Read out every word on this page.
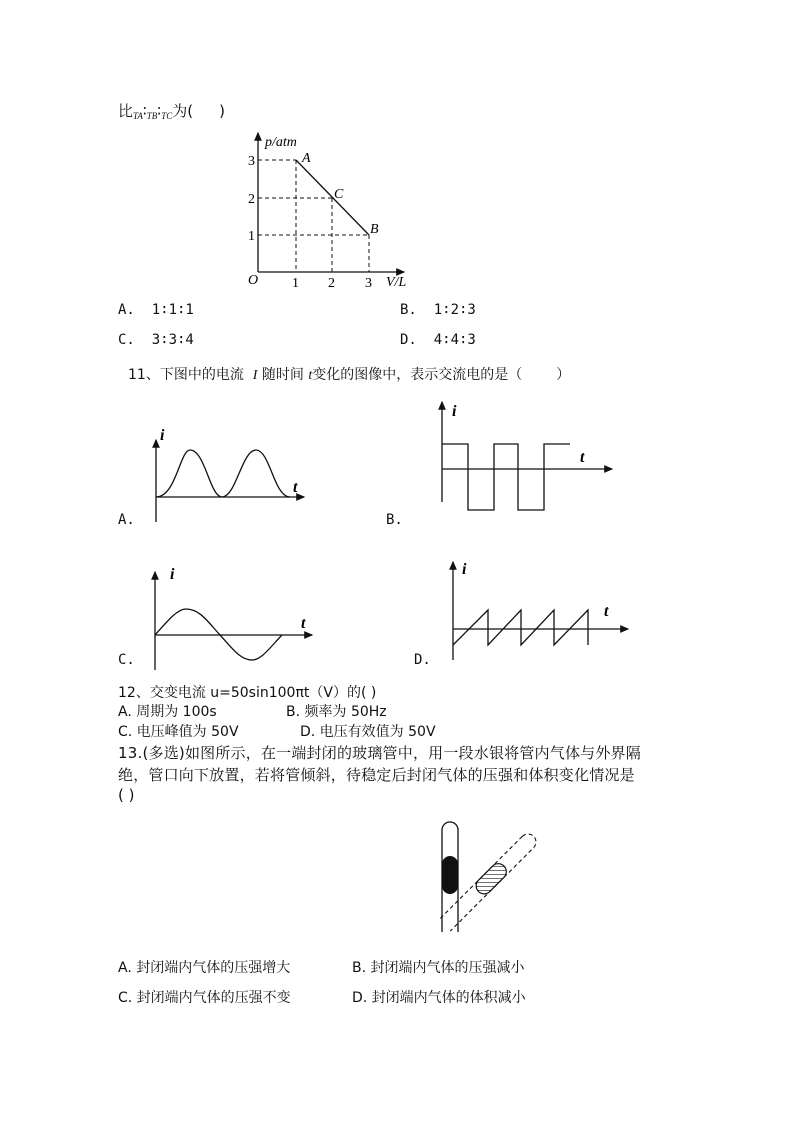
比$_{TA}∶_{TB}∶_{TC}$为( )
p/atm
V/L
O
3
2
1
1 2 3
A
C
B
A. 1∶1∶1	B. 1∶2∶3
C. 3∶3∶4	D. 4∶4∶3
11、下图中的电流 I 随时间 t变化的图像中，表示交流电的是（ ）
i
t
i
t
A.	B.
i
t
i
t
C.	D.
12、交变电流 u=50sin100πt（V）的( )
A. 周期为 100s	B. 频率为 50Hz
C. 电压峰值为 50V	D. 电压有效值为 50V
13.(多选)如图所示，在一端封闭的玻璃管中，用一段水银将管内气体与外界隔
绝，管口向下放置，若将管倾斜，待稳定后封闭气体的压强和体积变化情况是
( )
A. 封闭端内气体的压强增大	B. 封闭端内气体的压强减小
C. 封闭端内气体的压强不变	D. 封闭端内气体的体积减小
